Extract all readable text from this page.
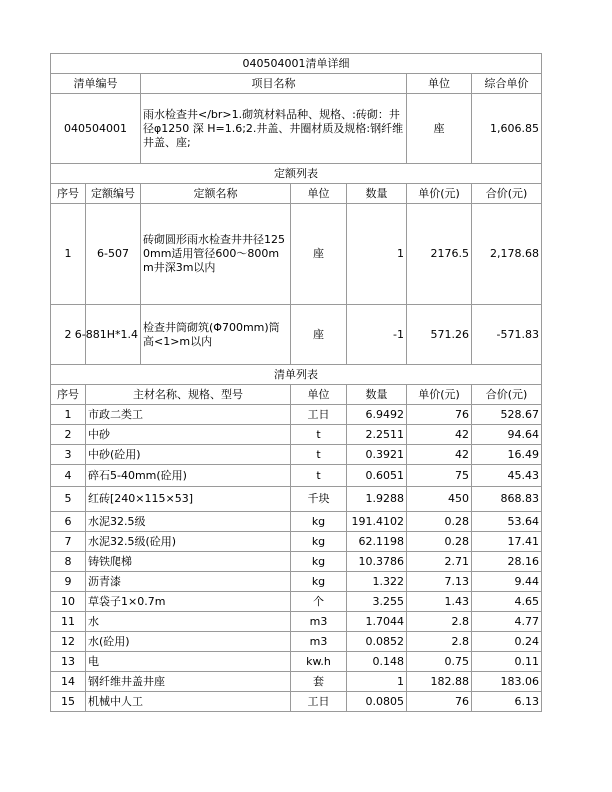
040504001清单详细						
清单编号		项目名称			单位	综合单价
040504001		雨水检查井</br>1.砌筑材料品种、规格、:砖砌：井径φ1250 深 H=1.6;2.井盖、井圈材质及规格:钢纤维井盖、座;			座	1,606.85
定额列表						
序号	定额编号	定额名称	单位	数量	单价(元)	合价(元)
1	6-507	砖砌圆形雨水检查井井径1250mm适用管径600～800mm井深3m以内	座	1	2176.5	2,178.68
2	6-881H*1.4	检查井筒砌筑(Φ700mm)筒高<1>m以内	座	-1	571.26	-571.83
清单列表						
序号	主材名称、规格、型号		单位	数量	单价(元)	合价(元)
1	市政二类工		工日	6.9492	76	528.67
2	中砂		t	2.2511	42	94.64
3	中砂(砼用)		t	0.3921	42	16.49
4	碎石5-40mm(砼用)		t	0.6051	75	45.43
5	红砖[240×115×53]		千块	1.9288	450	868.83
6	水泥32.5级		kg	191.4102	0.28	53.64
7	水泥32.5级(砼用)		kg	62.1198	0.28	17.41
8	铸铁爬梯		kg	10.3786	2.71	28.16
9	沥青漆		kg	1.322	7.13	9.44
10	草袋子1×0.7m		个	3.255	1.43	4.65
11	水		m3	1.7044	2.8	4.77
12	水(砼用)		m3	0.0852	2.8	0.24
13	电		kw.h	0.148	0.75	0.11
14	钢纤维井盖井座		套	1	182.88	183.06
15	机械中人工		工日	0.0805	76	6.13
